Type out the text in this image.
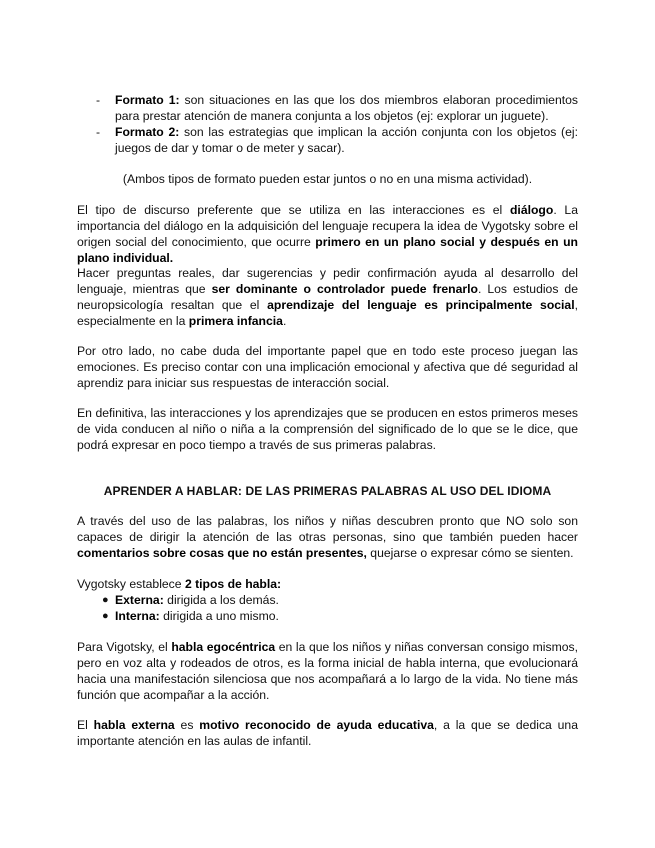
-	Formato 1: son situaciones en las que los dos miembros elaboran procedimientos para prestar atención de manera conjunta a los objetos (ej: explorar un juguete).

-	Formato 2: son las estrategias que implican la acción conjunta con los objetos (ej: juegos de dar y tomar o de meter y sacar).

(Ambos tipos de formato pueden estar juntos o no en una misma actividad).

El tipo de discurso preferente que se utiliza en las interacciones es el diálogo. La importancia del diálogo en la adquisición del lenguaje recupera la idea de Vygotsky sobre el origen social del conocimiento, que ocurre primero en un plano social y después en un plano individual.

Hacer preguntas reales, dar sugerencias y pedir confirmación ayuda al desarrollo del lenguaje, mientras que ser dominante o controlador puede frenarlo. Los estudios de neuropsicología resaltan que el aprendizaje del lenguaje es principalmente social, especialmente en la primera infancia.

Por otro lado, no cabe duda del importante papel que en todo este proceso juegan las emociones. Es preciso contar con una implicación emocional y afectiva que dé seguridad al aprendiz para iniciar sus respuestas de interacción social.

En definitiva, las interacciones y los aprendizajes que se producen en estos primeros meses de vida conducen al niño o niña a la comprensión del significado de lo que se le dice, que podrá expresar en poco tiempo a través de sus primeras palabras.

APRENDER A HABLAR: DE LAS PRIMERAS PALABRAS AL USO DEL IDIOMA

A través del uso de las palabras, los niños y niñas descubren pronto que NO solo son capaces de dirigir la atención de las otras personas, sino que también pueden hacer comentarios sobre cosas que no están presentes, quejarse o expresar cómo se sienten.

Vygotsky establece 2 tipos de habla:

● Externa: dirigida a los demás.

● Interna: dirigida a uno mismo.

Para Vigotsky, el habla egocéntrica en la que los niños y niñas conversan consigo mismos, pero en voz alta y rodeados de otros, es la forma inicial de habla interna, que evolucionará hacia una manifestación silenciosa que nos acompañará a lo largo de la vida. No tiene más función que acompañar a la acción.

El habla externa es motivo reconocido de ayuda educativa, a la que se dedica una importante atención en las aulas de infantil.
